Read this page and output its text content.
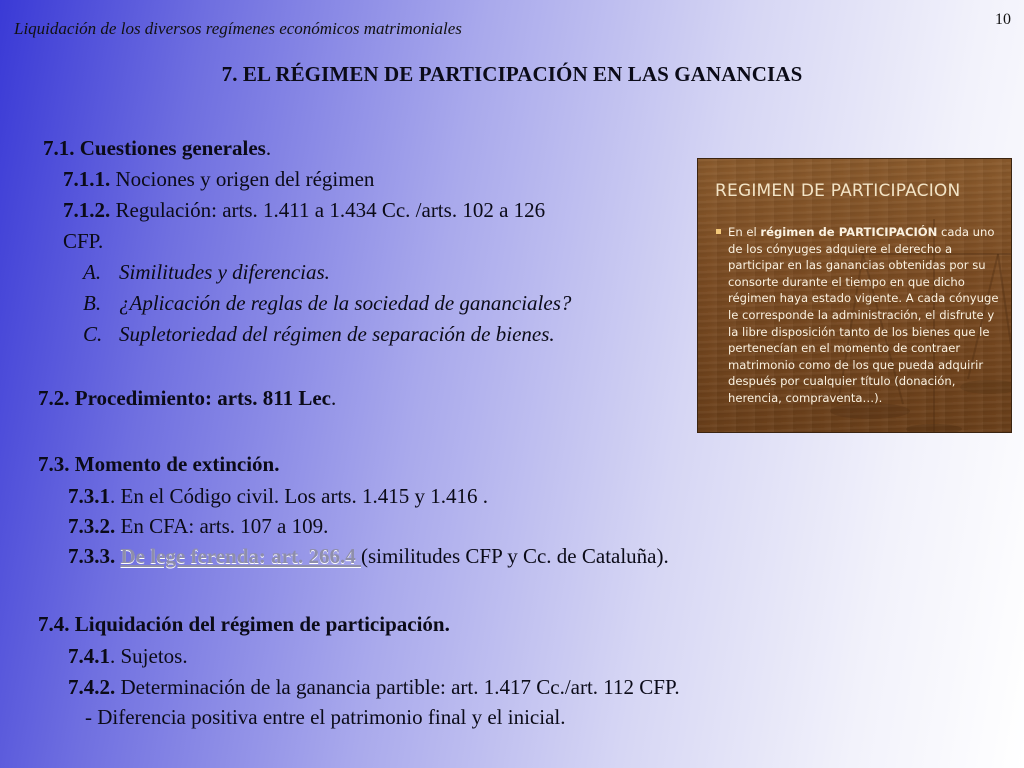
Liquidación de los diversos regímenes económicos matrimoniales	10
7. EL RÉGIMEN DE PARTICIPACIÓN EN LAS GANANCIAS
7.1. Cuestiones generales.
7.1.1. Nociones y origen del régimen
7.1.2. Regulación: arts. 1.411 a 1.434 Cc. /arts. 102 a 126
CFP.
A. Similitudes y diferencias.
B. ¿Aplicación de reglas de la sociedad de gananciales?
C. Supletoriedad del régimen de separación de bienes.
7.2. Procedimiento: arts. 811 Lec.
7.3. Momento de extinción.
7.3.1. En el Código civil. Los arts. 1.415 y 1.416 .
7.3.2. En CFA: arts. 107 a 109.
7.3.3. De lege ferenda: art. 266.4 (similitudes CFP y Cc. de Cataluña).
7.4. Liquidación del régimen de participación.
7.4.1. Sujetos.
7.4.2. Determinación de la ganancia partible: art. 1.417 Cc./art. 112 CFP.
- Diferencia positiva entre el patrimonio final y el inicial.
REGIMEN DE PARTICIPACION
En el régimen de PARTICIPACIÓN cada uno de los cónyuges adquiere el derecho a participar en las ganancias obtenidas por su consorte durante el tiempo en que dicho régimen haya estado vigente. A cada cónyuge le corresponde la administración, el disfrute y la libre disposición tanto de los bienes que le pertenecían en el momento de contraer matrimonio como de los que pueda adquirir después por cualquier título (donación, herencia, compraventa…).
